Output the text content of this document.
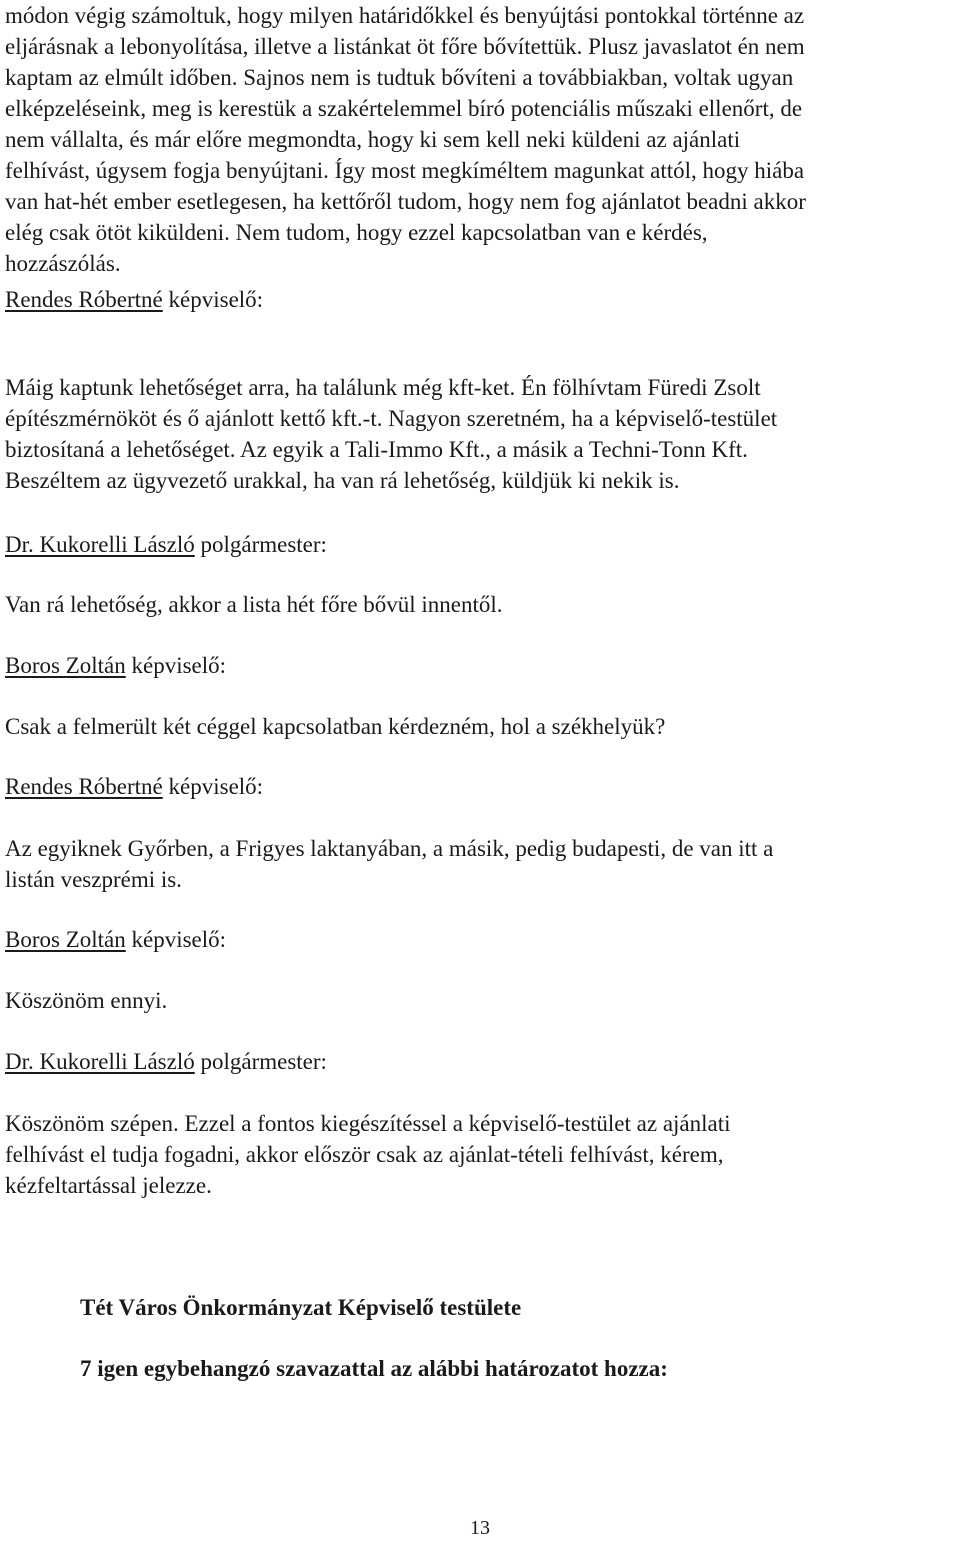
módon végig számoltuk, hogy milyen határidőkkel és benyújtási pontokkal történne az
eljárásnak a lebonyolítása, illetve a listánkat öt főre bővítettük. Plusz javaslatot én nem
kaptam az elmúlt időben. Sajnos nem is tudtuk bővíteni a továbbiakban, voltak ugyan
elképzeléseink, meg is kerestük a szakértelemmel bíró potenciális műszaki ellenőrt, de
nem vállalta, és már előre megmondta, hogy ki sem kell neki küldeni az ajánlati
felhívást, úgysem fogja benyújtani. Így most megkíméltem magunkat attól, hogy hiába
van hat-hét ember esetlegesen, ha kettőről tudom, hogy nem fog ajánlatot beadni akkor
elég csak ötöt kiküldeni. Nem tudom, hogy ezzel kapcsolatban van e kérdés,
hozzászólás.

Rendes Róbertné képviselő:

Máig kaptunk lehetőséget arra, ha találunk még kft-ket. Én fölhívtam Füredi Zsolt
építészmérnököt és ő ajánlott kettő kft.-t. Nagyon szeretném, ha a képviselő-testület
biztosítaná a lehetőséget. Az egyik a Tali-Immo Kft., a másik a Techni-Tonn Kft.
Beszéltem az ügyvezető urakkal, ha van rá lehetőség, küldjük ki nekik is.

Dr. Kukorelli László polgármester:

Van rá lehetőség, akkor a lista hét főre bővül innentől.

Boros Zoltán képviselő:

Csak a felmerült két céggel kapcsolatban kérdezném, hol a székhelyük?

Rendes Róbertné képviselő:

Az egyiknek Győrben, a Frigyes laktanyában, a másik, pedig budapesti, de van itt a
listán veszprémi is.

Boros Zoltán képviselő:

Köszönöm ennyi.

Dr. Kukorelli László polgármester:

Köszönöm szépen. Ezzel a fontos kiegészítéssel a képviselő-testület az ajánlati
felhívást el tudja fogadni, akkor először csak az ajánlat-tételi felhívást, kérem,
kézfeltartással jelezze.

Tét Város Önkormányzat Képviselő testülete

7 igen egybehangzó szavazattal az alábbi határozatot hozza:

13
